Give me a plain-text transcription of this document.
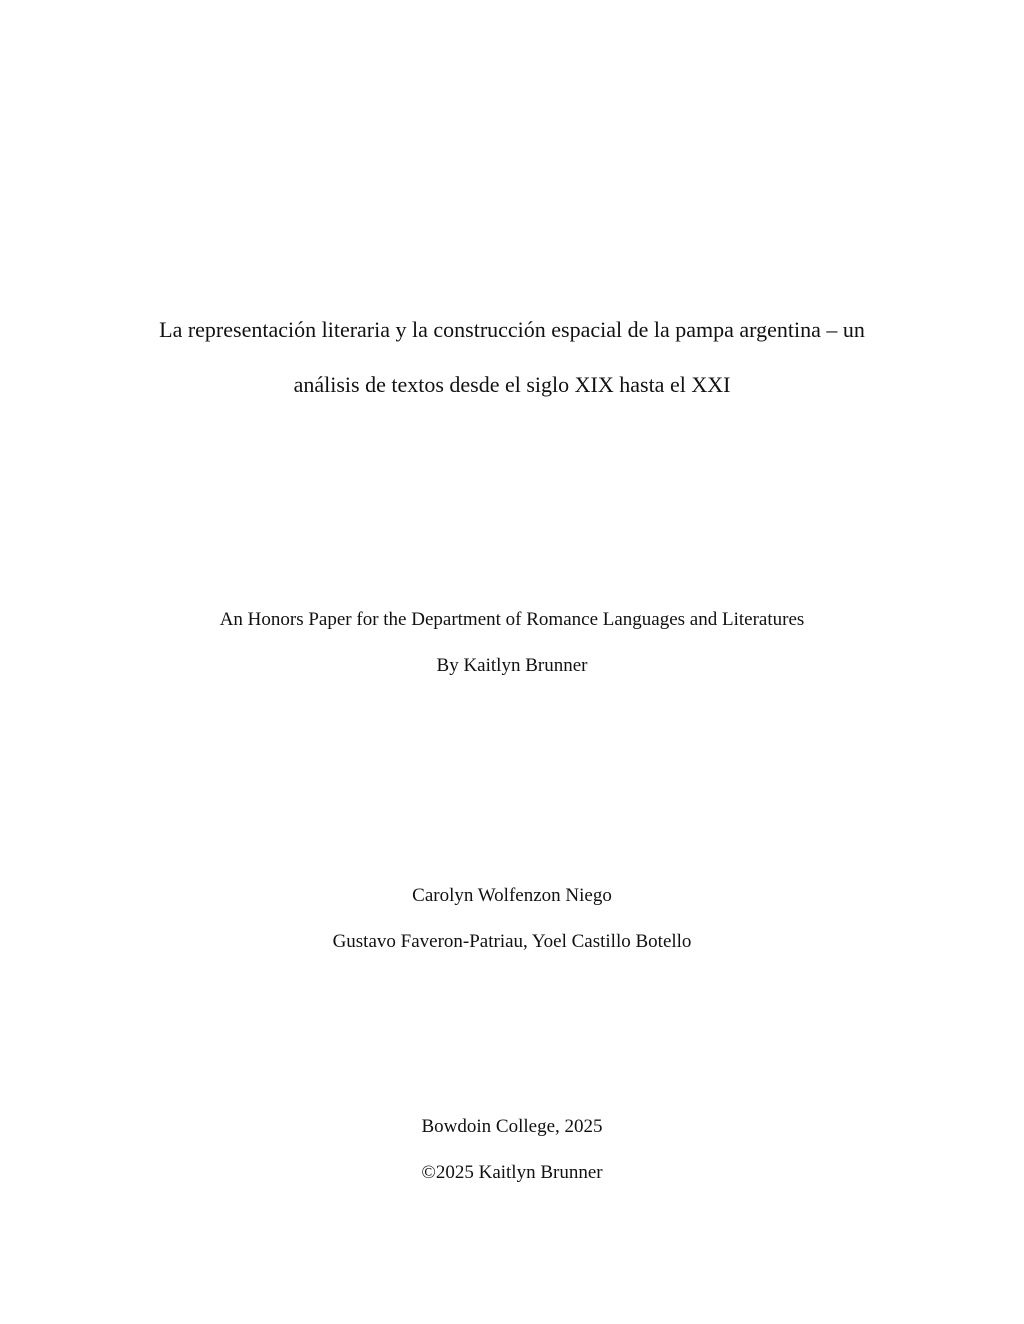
La representación literaria y la construcción espacial de la pampa argentina – un
análisis de textos desde el siglo XIX hasta el XXI
An Honors Paper for the Department of Romance Languages and Literatures
By Kaitlyn Brunner
Carolyn Wolfenzon Niego
Gustavo Faveron-Patriau, Yoel Castillo Botello
Bowdoin College, 2025
©2025 Kaitlyn Brunner
